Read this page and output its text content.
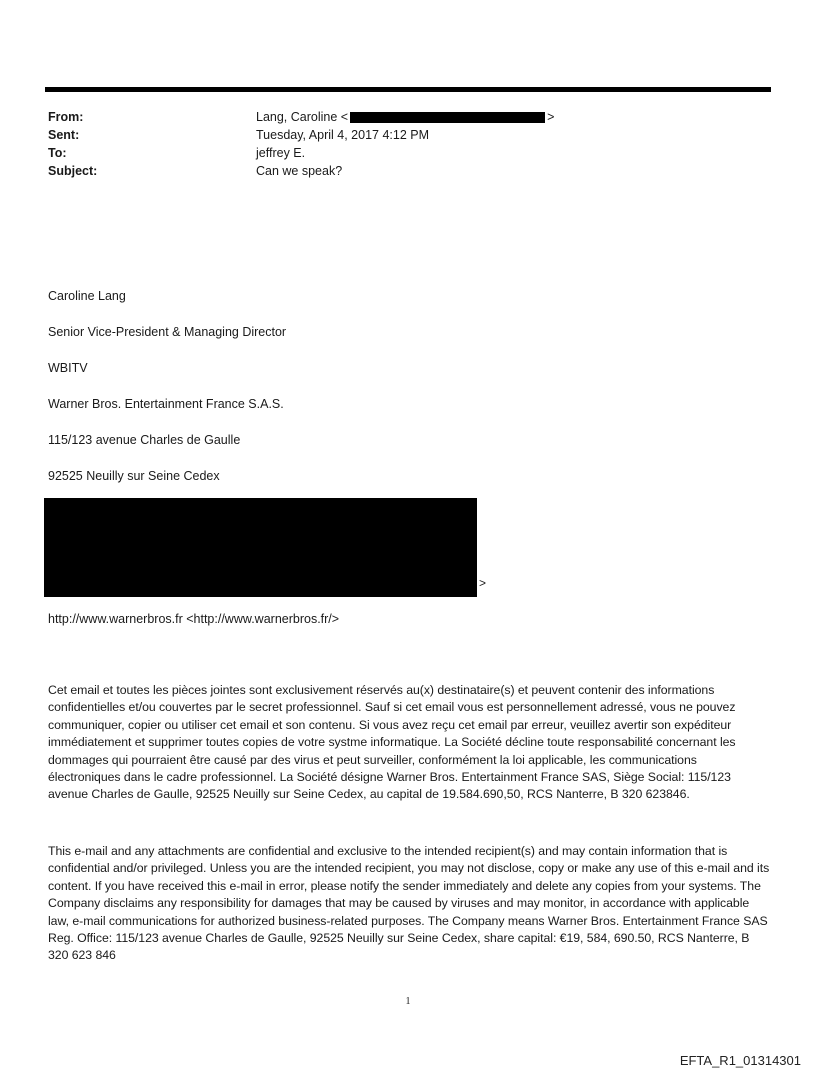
From:	Lang, Caroline <	>
Sent:	Tuesday, April 4, 2017 4:12 PM
To:	jeffrey E.
Subject:	Can we speak?
Caroline Lang
Senior Vice-President & Managing Director
WBITV
Warner Bros. Entertainment France S.A.S.
115/123 avenue Charles de Gaulle
92525 Neuilly sur Seine Cedex
>
http://www.warnerbros.fr <http://www.warnerbros.fr/>
Cet email et toutes les pièces jointes sont exclusivement réservés au(x) destinataire(s) et peuvent contenir des informations confidentielles et/ou couvertes par le secret professionnel. Sauf si cet email vous est personnellement adressé, vous ne pouvez communiquer, copier ou utiliser cet email et son contenu. Si vous avez reçu cet email par erreur, veuillez avertir son expéditeur immédiatement et supprimer toutes copies de votre systme informatique. La Société décline toute responsabilité concernant les dommages qui pourraient être causé par des virus et peut surveiller, conformément la loi applicable, les communications électroniques dans le cadre professionnel. La Société désigne Warner Bros. Entertainment France SAS, Siège Social: 115/123 avenue Charles de Gaulle, 92525 Neuilly sur Seine Cedex, au capital de 19.584.690,50, RCS Nanterre, B 320 623846.
This e-mail and any attachments are confidential and exclusive to the intended recipient(s) and may contain information that is confidential and/or privileged. Unless you are the intended recipient, you may not disclose, copy or make any use of this e-mail and its content. If you have received this e-mail in error, please notify the sender immediately and delete any copies from your systems. The Company disclaims any responsibility for damages that may be caused by viruses and may monitor, in accordance with applicable law, e-mail communications for authorized business-related purposes. The Company means Warner Bros. Entertainment France SAS Reg. Office: 115/123 avenue Charles de Gaulle, 92525 Neuilly sur Seine Cedex, share capital: €19, 584, 690.50, RCS Nanterre, B 320 623 846
1
EFTA_R1_01314301
